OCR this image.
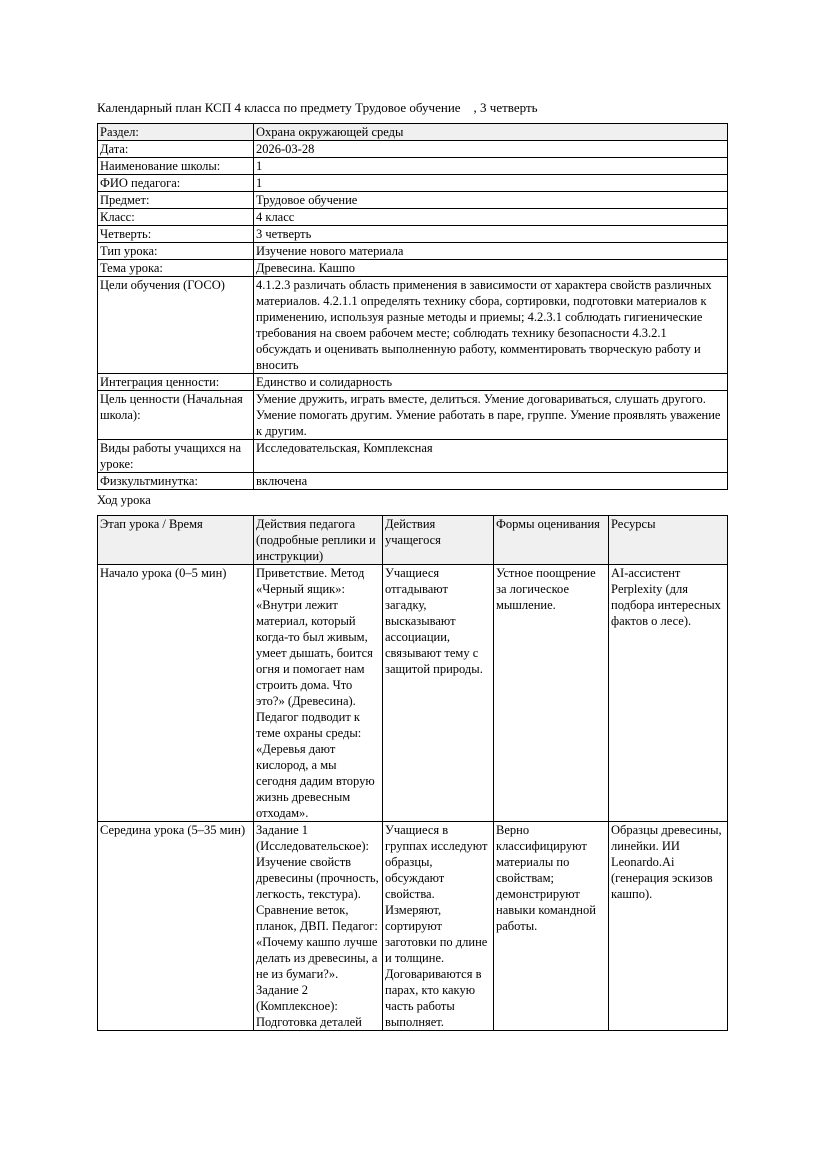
Календарный план КСП 4 класса по предмету Трудовое обучение    , 3 четверть

Раздел:	Охрана окружающей среды
Дата:	2026-03-28
Наименование школы:	1
ФИО педагога:	1
Предмет:	Трудовое обучение
Класс:	4 класс
Четверть:	3 четверть
Тип урока:	Изучение нового материала
Тема урока:	Древесина. Кашпо
Цели обучения (ГОСО)	4.1.2.3 различать область применения в зависимости от характера свойств различных материалов. 4.2.1.1 определять технику сбора, сортировки, подготовки материалов к применению, используя разные методы и приемы; 4.2.3.1 соблюдать гигиенические требования на своем рабочем месте; соблюдать технику безопасности 4.3.2.1 обсуждать и оценивать выполненную работу, комментировать творческую работу и вносить
Интеграция ценности:	Единство и солидарность
Цель ценности (Начальная школа):	Умение дружить, играть вместе, делиться. Умение договариваться, слушать другого. Умение помогать другим. Умение работать в паре, группе. Умение проявлять уважение к другим.
Виды работы учащихся на уроке:	Исследовательская, Комплексная
Физкультминутка:	включена

Ход урока

Этап урока / Время	Действия педагога (подробные реплики и инструкции)	Действия учащегося	Формы оценивания	Ресурсы
Начало урока (0–5 мин)	Приветствие. Метод «Черный ящик»: «Внутри лежит материал, который когда-то был живым, умеет дышать, боится огня и помогает нам строить дома. Что это?» (Древесина). Педагог подводит к теме охраны среды: «Деревья дают кислород, а мы сегодня дадим вторую жизнь древесным отходам».	Учащиеся отгадывают загадку, высказывают ассоциации, связывают тему с защитой природы.	Устное поощрение за логическое мышление.	AI-ассистент Perplexity (для подбора интересных фактов о лесе).
Середина урока (5–35 мин)	Задание 1 (Исследовательское): Изучение свойств древесины (прочность, легкость, текстура). Сравнение веток, планок, ДВП. Педагог: «Почему кашпо лучше делать из древесины, а не из бумаги?». Задание 2 (Комплексное): Подготовка деталей	Учащиеся в группах исследуют образцы, обсуждают свойства. Измеряют, сортируют заготовки по длине и толщине. Договариваются в парах, кто какую часть работы выполняет.	Верно классифицируют материалы по свойствам; демонстрируют навыки командной работы.	Образцы древесины, линейки. ИИ Leonardo.Ai (генерация эскизов кашпо).
